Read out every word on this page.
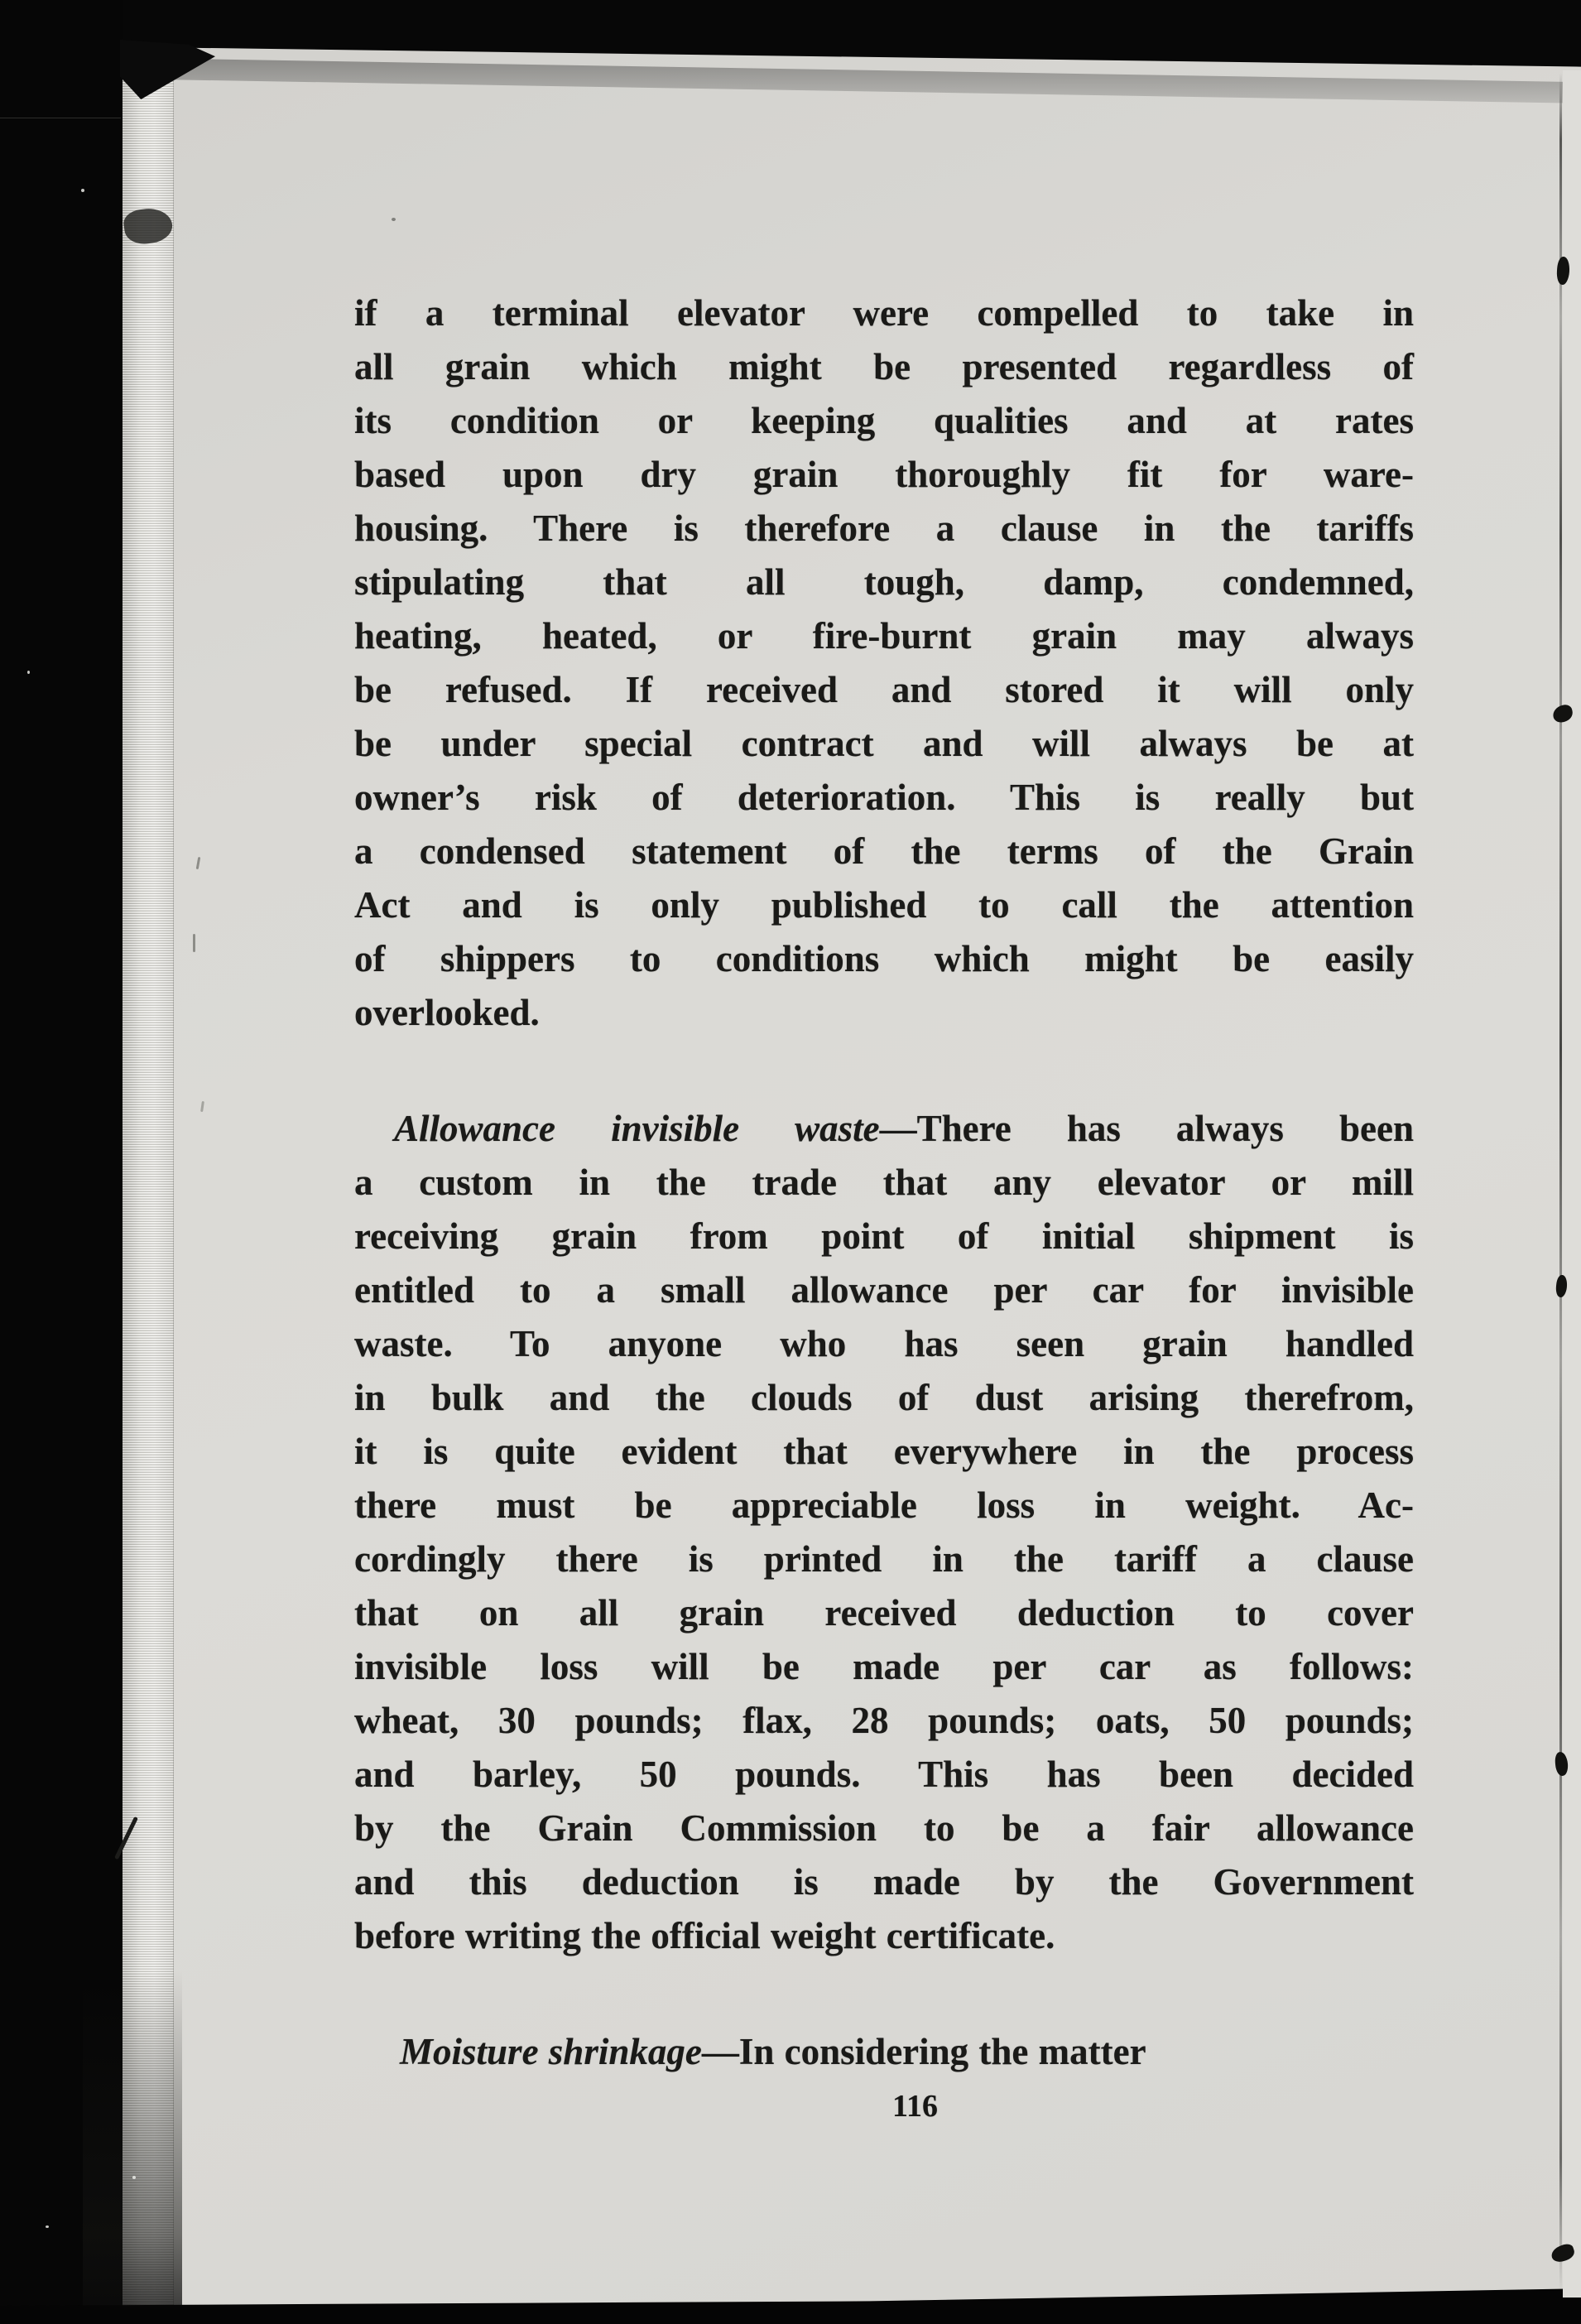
if a terminal elevator were compelled to take in
all grain which might be presented regardless of
its condition or keeping qualities and at rates
based upon dry grain thoroughly fit for ware-
housing. There is therefore a clause in the tariffs
stipulating that all tough, damp, condemned,
heating, heated, or fire-burnt grain may always
be refused. If received and stored it will only
be under special contract and will always be at
owner’s risk of deterioration. This is really but
a condensed statement of the terms of the Grain
Act and is only published to call the attention
of shippers to conditions which might be easily
overlooked.
Allowance invisible waste—There has always been
a custom in the trade that any elevator or mill
receiving grain from point of initial shipment is
entitled to a small allowance per car for invisible
waste. To anyone who has seen grain handled
in bulk and the clouds of dust arising therefrom,
it is quite evident that everywhere in the process
there must be appreciable loss in weight. Ac-
cordingly there is printed in the tariff a clause
that on all grain received deduction to cover
invisible loss will be made per car as follows:
wheat, 30 pounds; flax, 28 pounds; oats, 50 pounds;
and barley, 50 pounds. This has been decided
by the Grain Commission to be a fair allowance
and this deduction is made by the Government
before writing the official weight certificate.
Moisture shrinkage—In considering the matter
116
